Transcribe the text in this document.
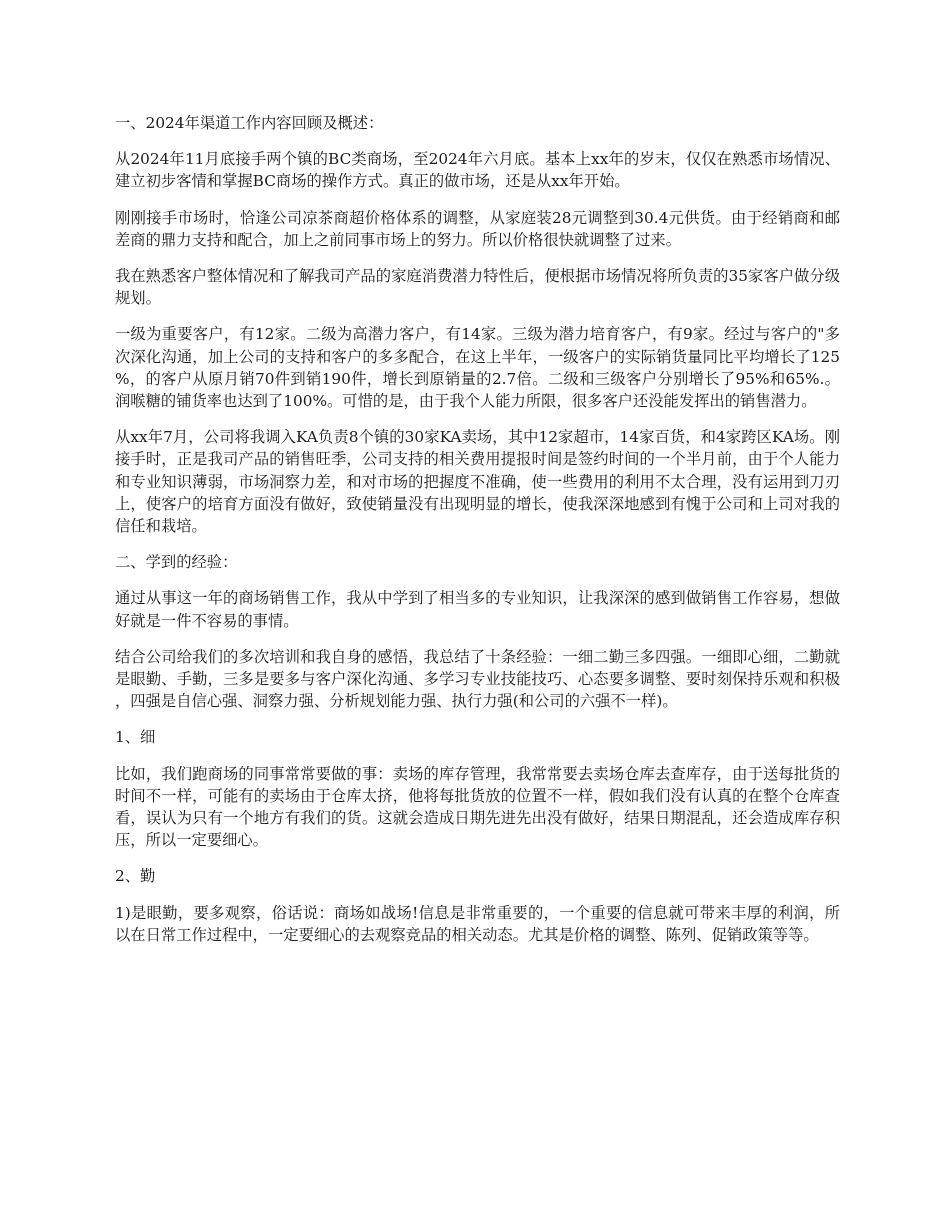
一、2024年渠道工作内容回顾及概述：

从2024年11月底接手两个镇的BC类商场，至2024年六月底。基本上xx年的岁末，仅仅在熟悉市场情况、建立初步客情和掌握BC商场的操作方式。真正的做市场，还是从xx年开始。

刚刚接手市场时，恰逢公司凉茶商超价格体系的调整，从家庭装28元调整到30.4元供货。由于经销商和邮差商的鼎力支持和配合，加上之前同事市场上的努力。所以价格很快就调整了过来。

我在熟悉客户整体情况和了解我司产品的家庭消费潜力特性后，便根据市场情况将所负责的35家客户做分级规划。

一级为重要客户，有12家。二级为高潜力客户，有14家。三级为潜力培育客户，有9家。经过与客户的"多次深化沟通，加上公司的支持和客户的多多配合，在这上半年，一级客户的实际销货量同比平均增长了125%，的客户从原月销70件到销190件，增长到原销量的2.7倍。二级和三级客户分别增长了95%和65%.。润喉糖的铺货率也达到了100%。可惜的是，由于我个人能力所限，很多客户还没能发挥出的销售潜力。

从xx年7月，公司将我调入KA负责8个镇的30家KA卖场，其中12家超市，14家百货，和4家跨区KA场。刚接手时，正是我司产品的销售旺季，公司支持的相关费用提报时间是签约时间的一个半月前，由于个人能力和专业知识薄弱，市场洞察力差，和对市场的把握度不准确，使一些费用的利用不太合理，没有运用到刀刃上，使客户的培育方面没有做好，致使销量没有出现明显的增长，使我深深地感到有愧于公司和上司对我的信任和栽培。

二、学到的经验：

通过从事这一年的商场销售工作，我从中学到了相当多的专业知识，让我深深的感到做销售工作容易，想做好就是一件不容易的事情。

结合公司给我们的多次培训和我自身的感悟，我总结了十条经验：一细二勤三多四强。一细即心细，二勤就是眼勤、手勤，三多是要多与客户深化沟通、多学习专业技能技巧、心态要多调整、要时刻保持乐观和积极，四强是自信心强、洞察力强、分析规划能力强、执行力强(和公司的六强不一样)。

1、细

比如，我们跑商场的同事常常要做的事：卖场的库存管理，我常常要去卖场仓库去查库存，由于送每批货的时间不一样，可能有的卖场由于仓库太挤，他将每批货放的位置不一样，假如我们没有认真的在整个仓库查看，误认为只有一个地方有我们的货。这就会造成日期先进先出没有做好，结果日期混乱，还会造成库存积压，所以一定要细心。

2、勤

1)是眼勤，要多观察，俗话说：商场如战场!信息是非常重要的，一个重要的信息就可带来丰厚的利润，所以在日常工作过程中，一定要细心的去观察竞品的相关动态。尤其是价格的调整、陈列、促销政策等等。
